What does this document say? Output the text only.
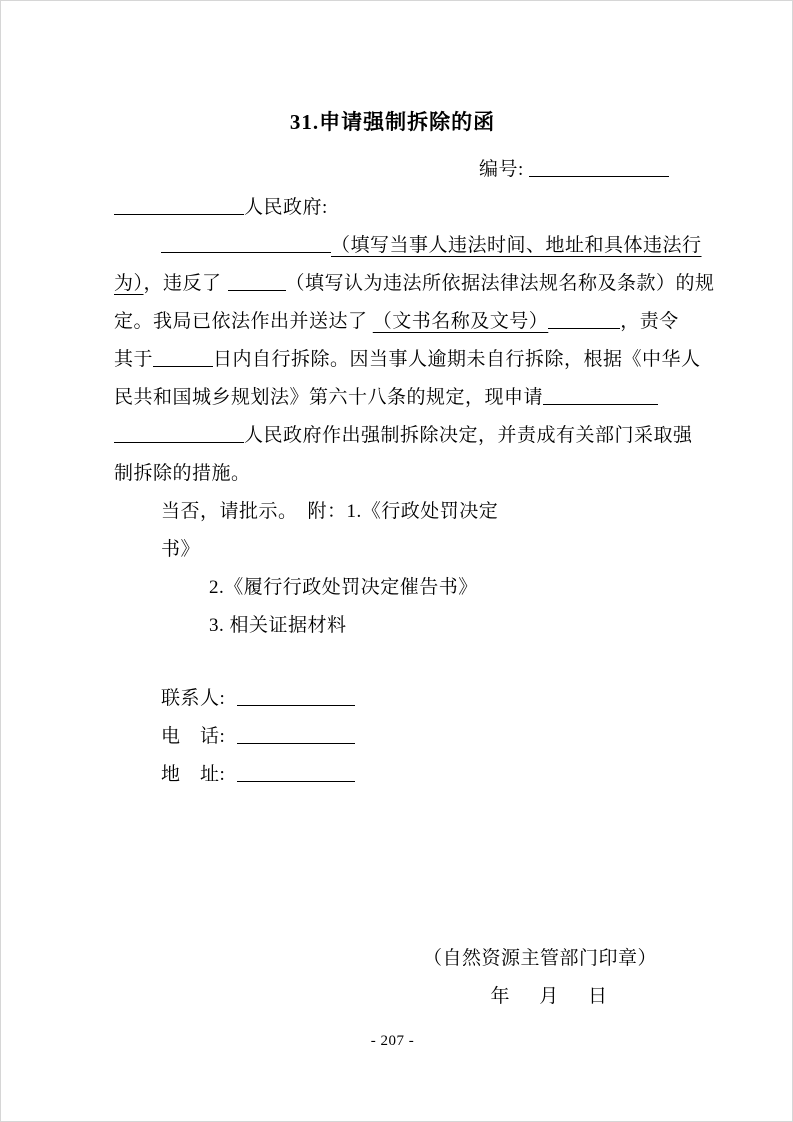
31.申请强制拆除的函
编号:
人民政府:
（填写当事人违法时间、地址和具体违法行
为），违反了	（填写认为违法所依据法律法规名称及条款）的规
定。我局已依法作出并送达了 （文书名称及文号）	，责令
其于	日内自行拆除。因当事人逾期未自行拆除，根据《中华人
民共和国城乡规划法》第六十八条的规定，现申请
人民政府作出强制拆除决定，并责成有关部门采取强
制拆除的措施。
当否，请批示。　附：1.《行政处罚决定
书》
2.《履行行政处罚决定催告书》
3. 相关证据材料
联系人:
电　话:
地　址:
（自然资源主管部门印章）
年　 月　 日
- 207 -
